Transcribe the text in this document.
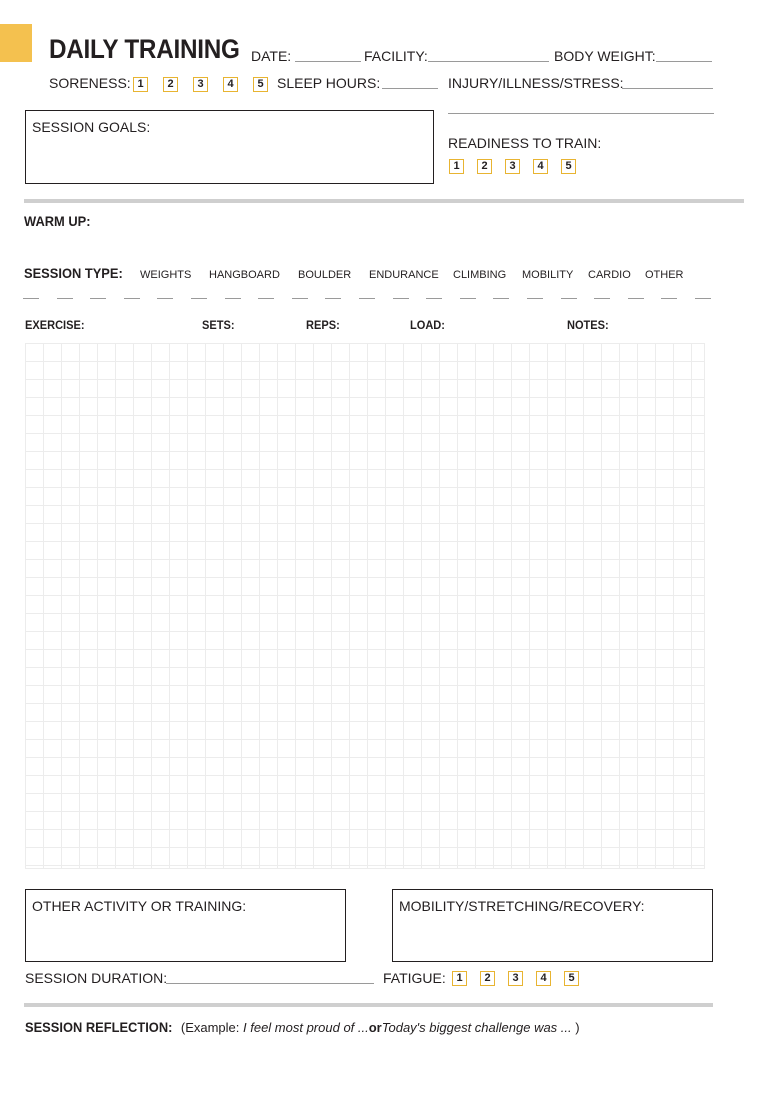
DAILY TRAINING DATE:	FACILITY:	BODY WEIGHT:
SORENESS: 1	2	3	4	5 SLEEP HOURS:	INJURY/ILLNESS/STRESS:
SESSION GOALS:
READINESS TO TRAIN:
1	2	3	4	5
WARM UP:
SESSION TYPE: WEIGHTS HANGBOARD BOULDER ENDURANCE CLIMBING MOBILITY CARDIO OTHER
EXERCISE:	SETS:	REPS:	LOAD:	NOTES:
OTHER ACTIVITY OR TRAINING:	MOBILITY/STRETCHING/RECOVERY:
SESSION DURATION:	FATIGUE: 1	2	3	4	5
SESSION REFLECTION: (Example: I feel most proud of ...orToday's biggest challenge was ... )
